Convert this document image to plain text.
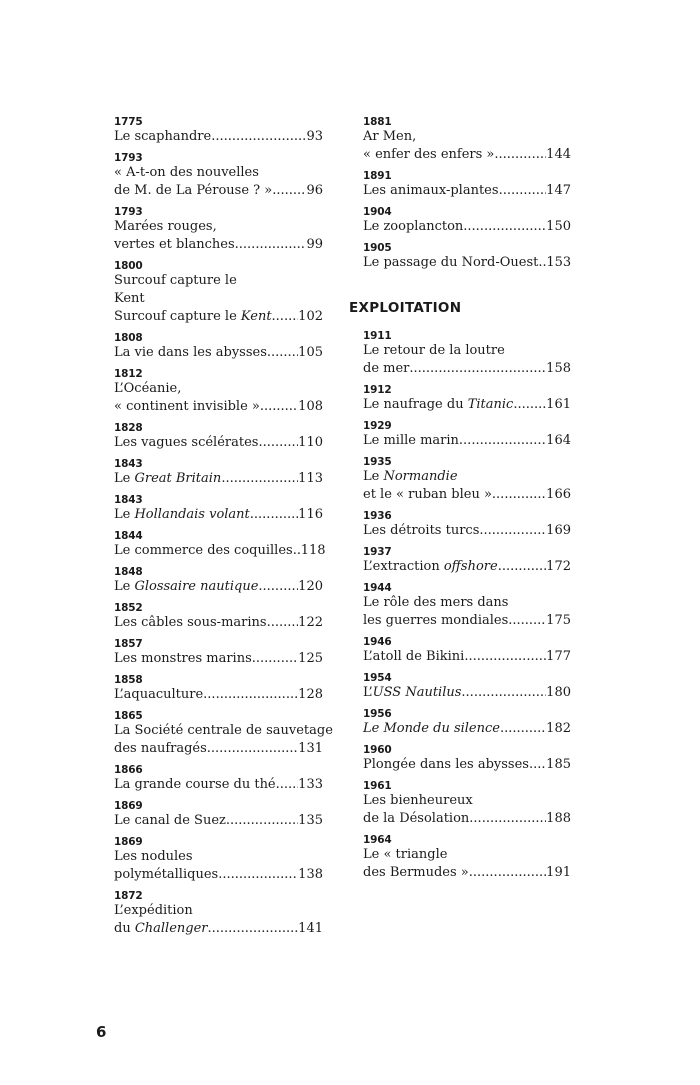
1775
Le scaphandre .....	93
1793
« A-t-on des nouvelles
de M. de La Pérouse ? » .....	96
1793
Marées rouges,
vertes et blanches .....	99
1800
Surcouf capture le
Kent
Surcouf capture le Kent ..... 102
1808
La vie dans les abysses ..... 105
1812
L’Océanie,
« continent invisible » .....	108
1828
Les vagues scélérates .....	110
1843
Le Great Britain .....	113
1843
Le Hollandais volant .....	116
1844
Le commerce des coquilles ..... 118
1848
Le Glossaire nautique .....	120
1852
Les câbles sous-marins ..... 122
1857
Les monstres marins .....	125
1858
L’aquaculture .....	128
1865
La Société centrale de sauvetage
des naufragés .....	131
1866
La grande course du thé ..... 133
1869
Le canal de Suez .....	135
1869
Les nodules
polymétalliques .....	138
1872
L’expédition
du Challenger .....	141
1881
Ar Men,
« enfer des enfers » .....	144
1891
Les animaux-plantes .....	147
1904
Le zooplancton .....	150
1905
Le passage du Nord-Ouest ..... 153
EXPLOITATION
1911
Le retour de la loutre
de mer .....	158
1912
Le naufrage du Titanic .....	161
1929
Le mille marin .....	164
1935
Le Normandie
et le « ruban bleu » .....	166
1936
Les détroits turcs .....	169
1937
L’extraction offshore .....	172
1944
Le rôle des mers dans
les guerres mondiales .....	175
1946
L’atoll de Bikini .....	177
1954
L’USS Nautilus .....	180
1956
Le Monde du silence .....	182
1960
Plongée dans les abysses ..... 185
1961
Les bienheureux
de la Désolation .....	188
1964
Le « triangle
des Bermudes » .....	191
6
